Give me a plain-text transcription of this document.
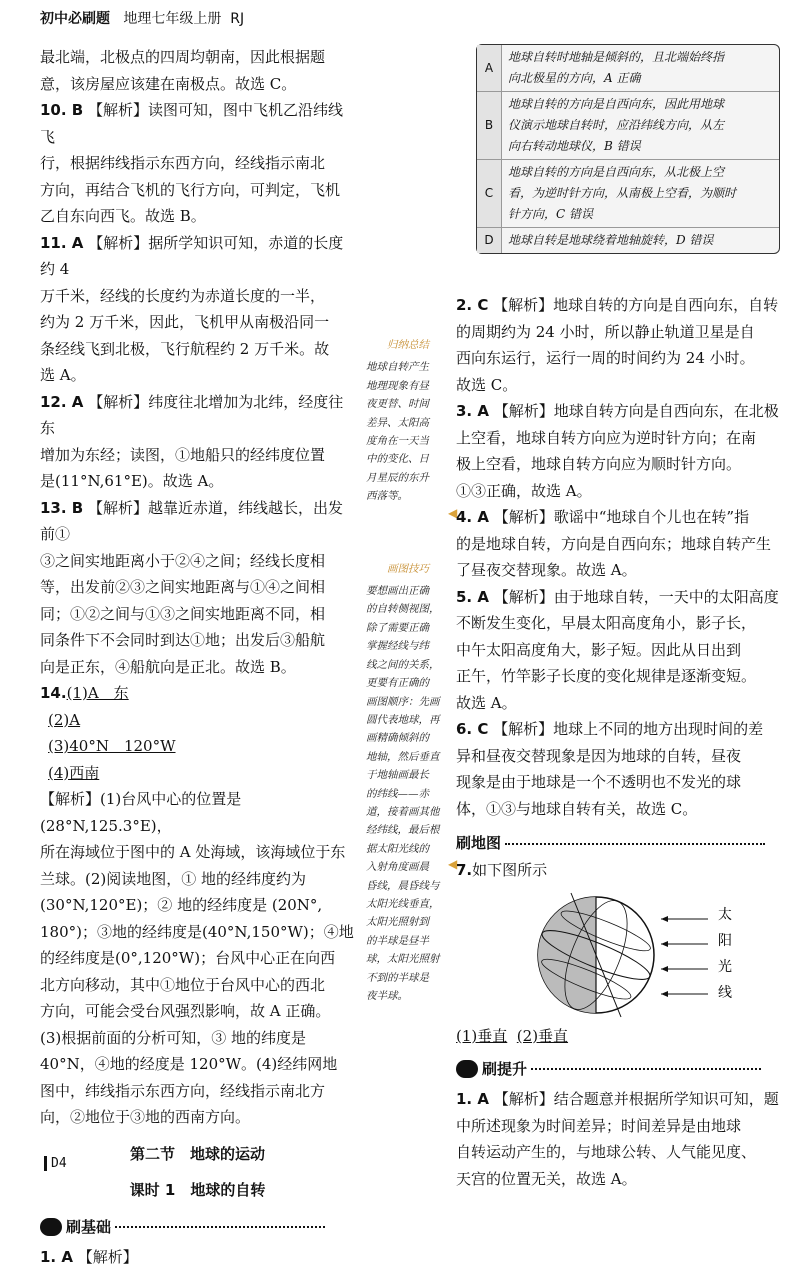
初中必刷题 地理七年级上册 RJ

最北端，北极点的四周均朝南，因此根据题

意，该房屋应该建在南极点。故选 C。

10. B 【解析】读图可知，图中飞机乙沿纬线飞

行，根据纬线指示东西方向，经线指示南北

方向，再结合飞机的飞行方向，可判定，飞机

乙自东向西飞。故选 B。

11. A 【解析】据所学知识可知，赤道的长度约 4

万千米，经线的长度约为赤道长度的一半，

约为 2 万千米，因此，飞机甲从南极沿同一

条经线飞到北极，飞行航程约 2 万千米。故

选 A。

12. A 【解析】纬度往北增加为北纬，经度往东

增加为东经；读图，①地船只的经纬度位置

是(11°N,61°E)。故选 A。

13. B 【解析】越靠近赤道，纬线越长，出发前①

③之间实地距离小于②④之间；经线长度相

等，出发前②③之间实地距离与①④之间相

同；①②之间与①③之间实地距离不同，相

同条件下不会同时到达①地；出发后③船航

向是正东，④船航向是正北。故选 B。

14.(1)A　东

(2)A

(3)40°N　120°W

(4)西南

【解析】(1)台风中心的位置是(28°N,125.3°E)，

所在海域位于图中的 A 处海域，该海域位于东

兰球。(2)阅读地图，① 地的经纬度约为

(30°N,120°E)；② 地的经纬度是 (20N°,

180°)；③地的经纬度是(40°N,150°W)；④地

的经纬度是(0°,120°W)；台风中心正在向西

北方向移动，其中①地位于台风中心的西北

方向，可能会受台风强烈影响，故 A 正确。

(3)根据前面的分析可知，③ 地的纬度是

40°N，④地的经度是 120°W。(4)经纬网地

图中，纬线指示东西方向，经线指示南北方

向，②地位于③地的西南方向。

第二节　地球的运动
课时 1　地球的自转
刷基础

1. A 【解析】

归纳总结
地球自转产生
地理现象有昼
夜更替、时间
差异、太阳高
度角在一天当
中的变化、日
月星辰的东升
西落等。
画图技巧
要想画出正确
的自转侧视图，
除了需要正确
掌握经线与纬
线之间的关系，
更要有正确的
画图顺序：先画
圆代表地球，再
画精确倾斜的
地轴，然后垂直
于地轴画最长
的纬线——赤
道，接着画其他
经纬线，最后根
据太阳光线的
入射角度画晨
昏线，晨昏线与
太阳光线垂直，
太阳光照射到
的半球是昼半
球，太阳光照射
不到的半球是
夜半球。
◀
◀
A
地球自转时地轴是倾斜的，且北端始终指
向北极星的方向，A 正确
B
地球自转的方向是自西向东，因此用地球
仪演示地球自转时，应沿纬线方向，从左
向右转动地球仪，B 错误
C
地球自转的方向是自西向东，从北极上空
看，为逆时针方向，从南极上空看，为顺时
针方向，C 错误
D	地球自转是地球绕着地轴旋转，D 错误

2. C 【解析】地球自转的方向是自西向东，自转

的周期约为 24 小时，所以静止轨道卫星是自

西向东运行，运行一周的时间约为 24 小时。

故选 C。

3. A 【解析】地球自转方向是自西向东，在北极

上空看，地球自转方向应为逆时针方向；在南

极上空看，地球自转方向应为顺时针方向。

①③正确，故选 A。

4. A 【解析】歌谣中“地球自个儿也在转”指

的是地球自转，方向是自西向东；地球自转产生

了昼夜交替现象。故选 A。

5. A 【解析】由于地球自转，一天中的太阳高度

不断发生变化，早晨太阳高度角小，影子长，

中午太阳高度角大，影子短。因此从日出到

正午，竹竿影子长度的变化规律是逐渐变短。

故选 A。

6. C 【解析】地球上不同的地方出现时间的差

异和昼夜交替现象是因为地球的自转，昼夜

现象是由于地球是一个不透明也不发光的球

体，①③与地球自转有关，故选 C。

刷地图

7.如下图所示

太
阳
光
线

(1)垂直 (2)垂直

刷提升

1. A 【解析】结合题意并根据所学知识可知，题

中所述现象为时间差异；时间差异是由地球

自转运动产生的，与地球公转、人气能见度、

天宫的位置无关，故选 A。

D4
